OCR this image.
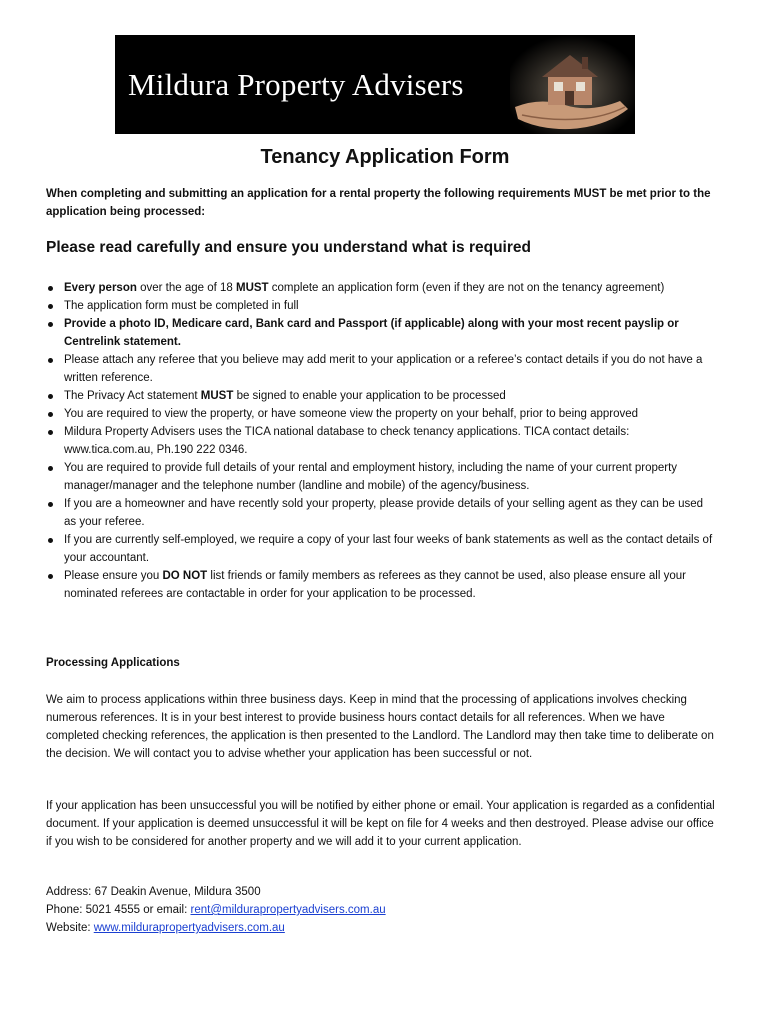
Mildura Property Advisers
Tenancy Application Form

When completing and submitting an application for a rental property the following requirements MUST be met prior to the application being processed:

Please read carefully and ensure you understand what is required
Every person over the age of 18 MUST complete an application form (even if they are not on the tenancy agreement)
The application form must be completed in full
Provide a photo ID, Medicare card, Bank card and Passport (if applicable) along with your most recent payslip or Centrelink statement.
Please attach any referee that you believe may add merit to your application or a referee’s contact details if you do not have a written reference.
The Privacy Act statement MUST be signed to enable your application to be processed
You are required to view the property, or have someone view the property on your behalf, prior to being approved
Mildura Property Advisers uses the TICA national database to check tenancy applications. TICA contact details: www.tica.com.au, Ph.190 222 0346.
You are required to provide full details of your rental and employment history, including the name of your current property manager/manager and the telephone number (landline and mobile) of the agency/business.
If you are a homeowner and have recently sold your property, please provide details of your selling agent as they can be used as your referee.
If you are currently self-employed, we require a copy of your last four weeks of bank statements as well as the contact details of your accountant.
Please ensure you DO NOT list friends or family members as referees as they cannot be used, also please ensure all your nominated referees are contactable in order for your application to be processed.

Processing Applications

We aim to process applications within three business days. Keep in mind that the processing of applications involves checking numerous references. It is in your best interest to provide business hours contact details for all references. When we have completed checking references, the application is then presented to the Landlord. The Landlord may then take time to deliberate on the decision. We will contact you to advise whether your application has been successful or not.

If your application has been unsuccessful you will be notified by either phone or email. Your application is regarded as a confidential document. If your application is deemed unsuccessful it will be kept on file for 4 weeks and then destroyed. Please advise our office if you wish to be considered for another property and we will add it to your current application.

Address: 67 Deakin Avenue, Mildura 3500
Phone: 5021 4555 or email: rent@mildurapropertyadvisers.com.au
Website: www.mildurapropertyadvisers.com.au
